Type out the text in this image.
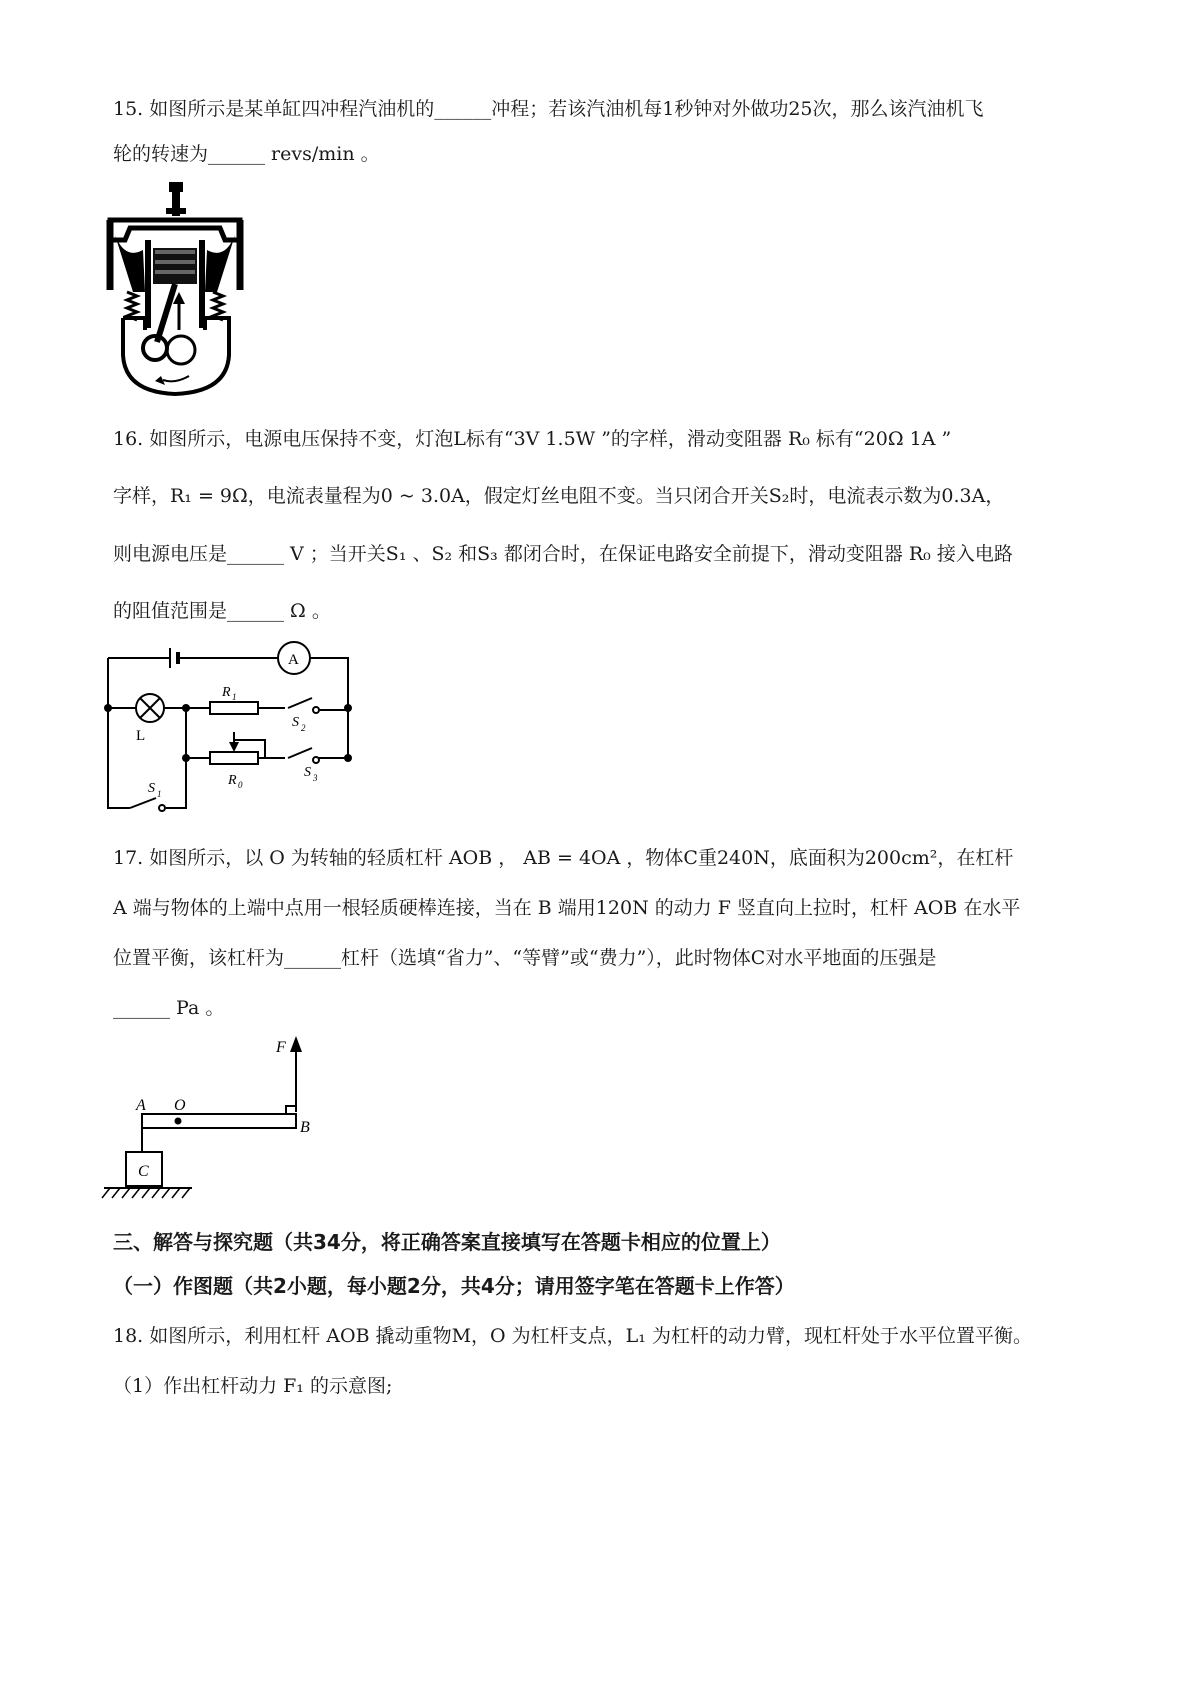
15. 如图所示是某单缸四冲程汽油机的______冲程；若该汽油机每1秒钟对外做功25次，那么该汽油机飞
轮的转速为______ revs/min 。
16. 如图所示，电源电压保持不变，灯泡L标有“3V 1.5W ”的字样，滑动变阻器 R₀ 标有“20Ω 1A ”
字样，R₁ = 9Ω，电流表量程为0 ~ 3.0A，假定灯丝电阻不变。当只闭合开关S₂时，电流表示数为0.3A，
则电源电压是______ V ；当开关S₁ 、S₂ 和S₃ 都闭合时，在保证电路安全前提下，滑动变阻器 R₀ 接入电路
的阻值范围是______ Ω 。
A
L
R 1
R 0
S 2
S 3
S 1
17. 如图所示，以 O 为转轴的轻质杠杆 AOB ， AB = 4OA ，物体C重240N，底面积为200cm²，在杠杆
A 端与物体的上端中点用一根轻质硬棒连接，当在 B 端用120N 的动力 F 竖直向上拉时，杠杆 AOB 在水平
位置平衡，该杠杆为______杠杆（选填“省力”、“等臂”或“费力”），此时物体C对水平地面的压强是
______ Pa 。
F
A O
B
C
三、解答与探究题（共34分，将正确答案直接填写在答题卡相应的位置上）
（一）作图题（共2小题，每小题2分，共4分；请用签字笔在答题卡上作答）
18. 如图所示，利用杠杆 AOB 撬动重物M，O 为杠杆支点，L₁ 为杠杆的动力臂，现杠杆处于水平位置平衡。
（1）作出杠杆动力 F₁ 的示意图;
